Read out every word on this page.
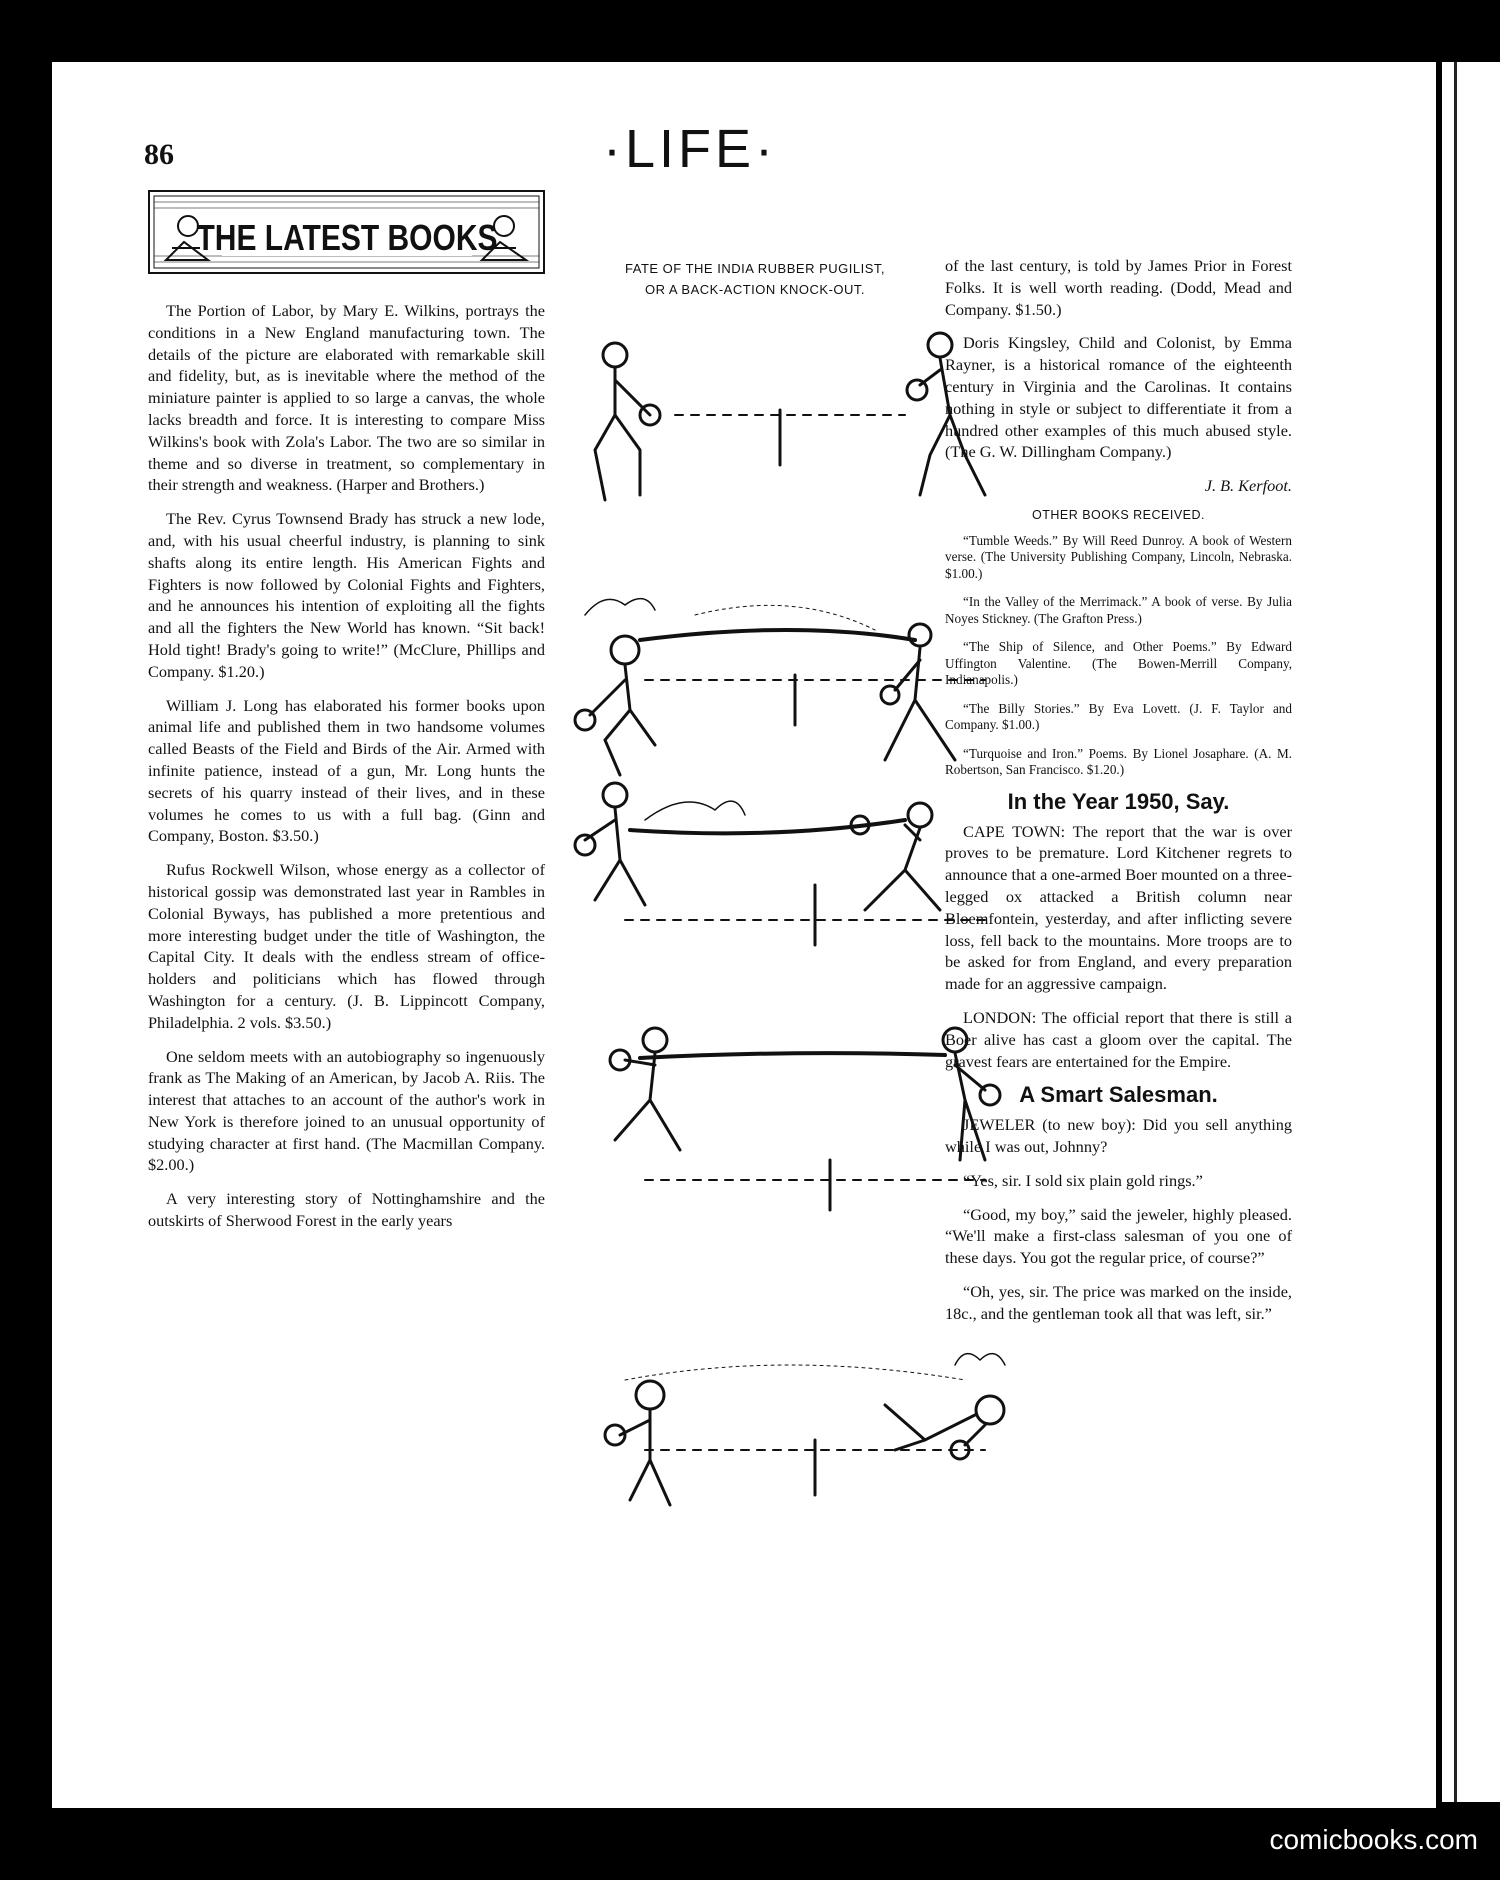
86	·LIFE·
THE LATEST BOOKS

The Portion of Labor, by Mary E. Wilkins, portrays the conditions in a New England manufacturing town. The details of the picture are elaborated with remarkable skill and fidelity, but, as is inevitable where the method of the miniature painter is applied to so large a canvas, the whole lacks breadth and force. It is interesting to compare Miss Wilkins's book with Zola's Labor. The two are so similar in theme and so diverse in treatment, so complementary in their strength and weakness. (Harper and Brothers.)

The Rev. Cyrus Townsend Brady has struck a new lode, and, with his usual cheerful industry, is planning to sink shafts along its entire length. His American Fights and Fighters is now followed by Colonial Fights and Fighters, and he announces his intention of exploiting all the fights and all the fighters the New World has known. “Sit back! Hold tight! Brady's going to write!” (McClure, Phillips and Company. $1.20.)

William J. Long has elaborated his former books upon animal life and published them in two handsome volumes called Beasts of the Field and Birds of the Air. Armed with infinite patience, instead of a gun, Mr. Long hunts the secrets of his quarry instead of their lives, and in these volumes he comes to us with a full bag. (Ginn and Company, Boston. $3.50.)

Rufus Rockwell Wilson, whose energy as a collector of historical gossip was demonstrated last year in Rambles in Colonial Byways, has published a more pretentious and more interesting budget under the title of Washington, the Capital City. It deals with the endless stream of office-holders and politicians which has flowed through Washington for a century. (J. B. Lippincott Company, Philadelphia. 2 vols. $3.50.)

One seldom meets with an autobiography so ingenuously frank as The Making of an American, by Jacob A. Riis. The interest that attaches to an account of the author's work in New York is therefore joined to an unusual opportunity of studying character at first hand. (The Macmillan Company. $2.00.)

A very interesting story of Nottinghamshire and the outskirts of Sherwood Forest in the early years

FATE OF THE INDIA RUBBER PUGILIST,
OR A BACK-ACTION KNOCK-OUT.

of the last century, is told by James Prior in Forest Folks. It is well worth reading. (Dodd, Mead and Company. $1.50.)

Doris Kingsley, Child and Colonist, by Emma Rayner, is a historical romance of the eighteenth century in Virginia and the Carolinas. It contains nothing in style or subject to differentiate it from a hundred other examples of this much abused style. (The G. W. Dillingham Company.)

J. B. Kerfoot.
OTHER BOOKS RECEIVED.

“Tumble Weeds.” By Will Reed Dunroy. A book of Western verse. (The University Publishing Company, Lincoln, Nebraska. $1.00.)

“In the Valley of the Merrimack.” A book of verse. By Julia Noyes Stickney. (The Grafton Press.)

“The Ship of Silence, and Other Poems.” By Edward Uffington Valentine. (The Bowen-Merrill Company, Indianapolis.)

“The Billy Stories.” By Eva Lovett. (J. F. Taylor and Company. $1.00.)

“Turquoise and Iron.” Poems. By Lionel Josaphare. (A. M. Robertson, San Francisco. $1.20.)

In the Year 1950, Say.

CAPE TOWN: The report that the war is over proves to be premature. Lord Kitchener regrets to announce that a one-armed Boer mounted on a three-legged ox attacked a British column near Bloemfontein, yesterday, and after inflicting severe loss, fell back to the mountains. More troops are to be asked for from England, and every preparation made for an aggressive campaign.

LONDON: The official report that there is still a Boer alive has cast a gloom over the capital. The gravest fears are entertained for the Empire.

A Smart Salesman.

JEWELER (to new boy): Did you sell anything while I was out, Johnny?

“Yes, sir. I sold six plain gold rings.”

“Good, my boy,” said the jeweler, highly pleased. “We'll make a first-class salesman of you one of these days. You got the regular price, of course?”

“Oh, yes, sir. The price was marked on the inside, 18c., and the gentleman took all that was left, sir.”

comicbooks.com
